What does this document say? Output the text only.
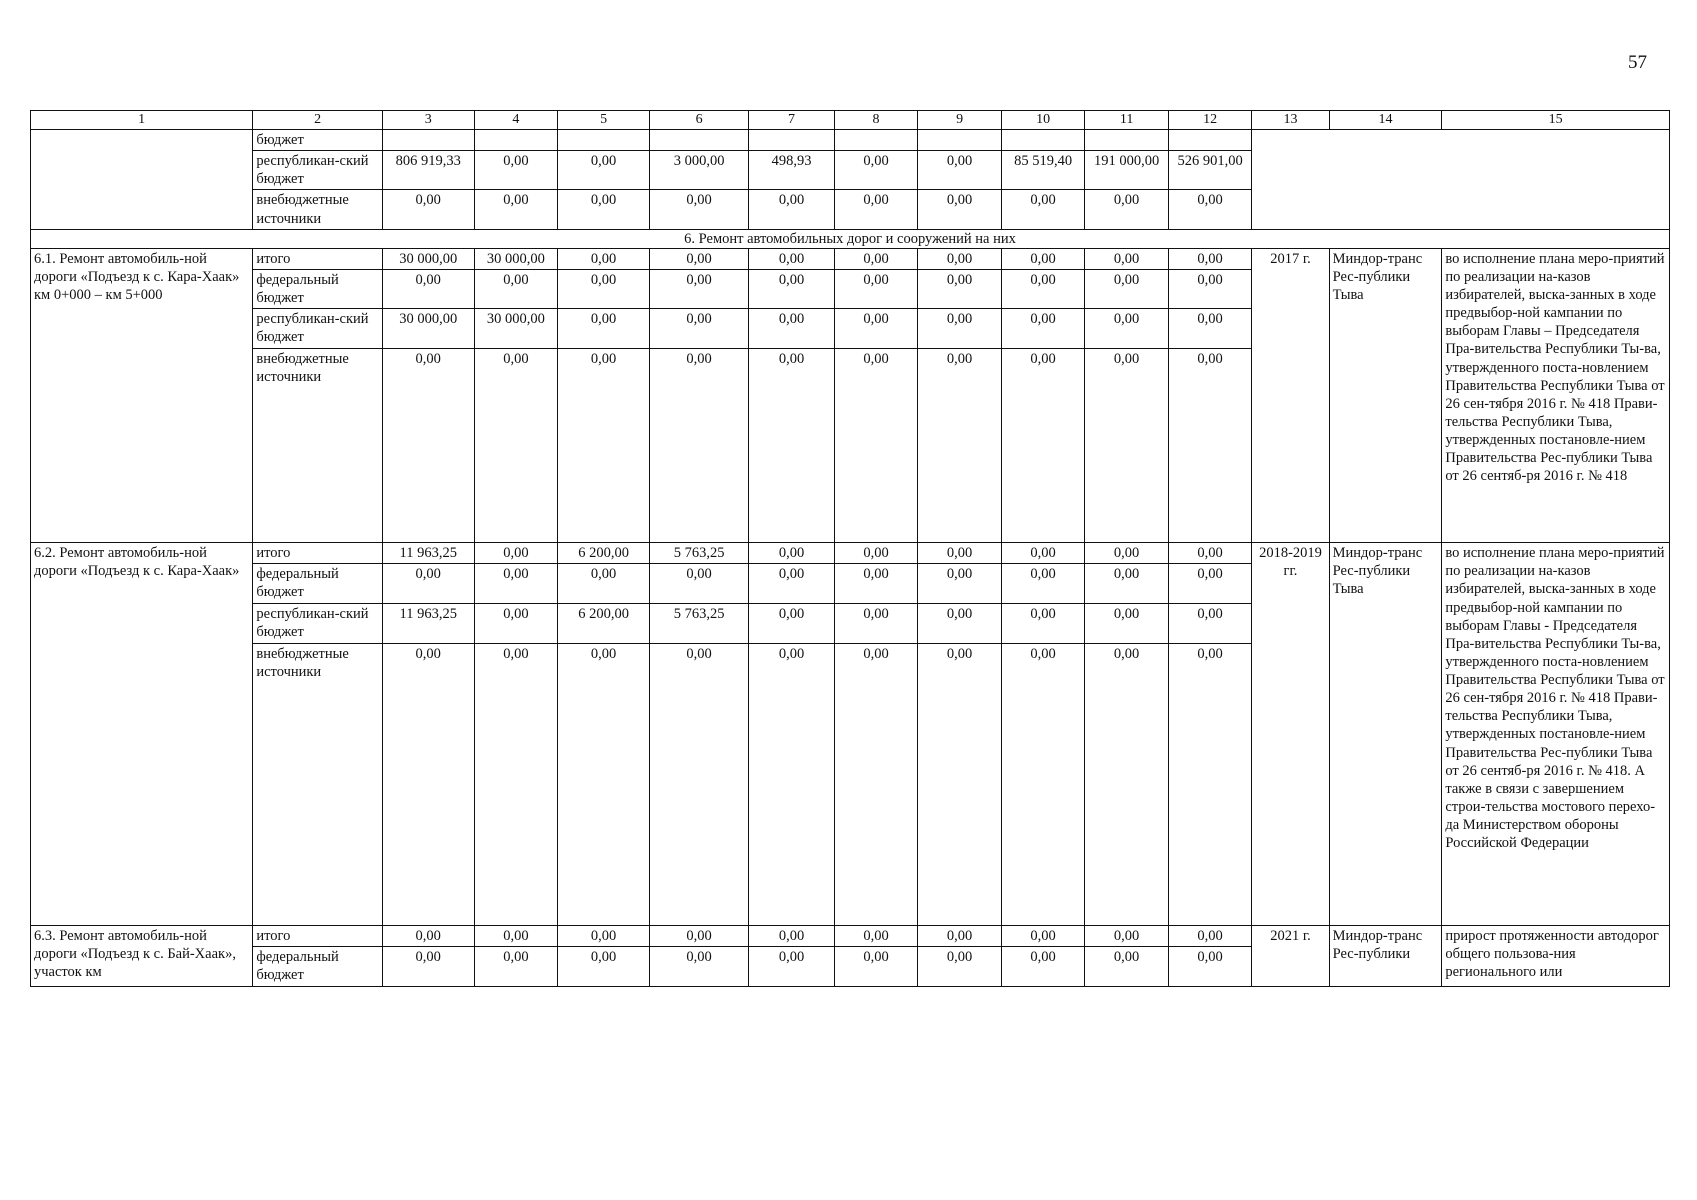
57
1	2	3	4	5	6	7	8	9	10	11	12	13	14	15
	бюджет													
	республикан-ский бюджет	806 919,33	0,00	0,00	3 000,00	498,93	0,00	0,00	85 519,40	191 000,00	526 901,00			
	внебюджетные источники	0,00	0,00	0,00	0,00	0,00	0,00	0,00	0,00	0,00	0,00			
6. Ремонт автомобильных дорог и сооружений на них														
6.1. Ремонт автомобиль-ной дороги «Подъезд к с. Кара-Хаак» км 0+000 – км 5+000	итого	30 000,00	30 000,00	0,00	0,00	0,00	0,00	0,00	0,00	0,00	0,00	2017 г.	Миндор-транс Рес-публики Тыва	во исполнение плана меро-приятий по реализации на-казов избирателей, выска-занных в ходе предвыбор-ной кампании по выборам Главы – Председателя Пра-вительства Республики Ты-ва, утвержденного поста-новлением Правительства Республики Тыва от 26 сен-тября 2016 г. № 418 Прави-тельства Республики Тыва, утвержденных постановле-нием Правительства Рес-публики Тыва от 26 сентяб-ря 2016 г. № 418
	федеральный бюджет	0,00	0,00	0,00	0,00	0,00	0,00	0,00	0,00	0,00	0,00			
	республикан-ский бюджет	30 000,00	30 000,00	0,00	0,00	0,00	0,00	0,00	0,00	0,00	0,00			
	внебюджетные источники	0,00	0,00	0,00	0,00	0,00	0,00	0,00	0,00	0,00	0,00			
6.2. Ремонт автомобиль-ной дороги «Подъезд к с. Кара-Хаак»	итого	11 963,25	0,00	6 200,00	5 763,25	0,00	0,00	0,00	0,00	0,00	0,00	2018-2019 гг.	Миндор-транс Рес-публики Тыва	во исполнение плана меро-приятий по реализации на-казов избирателей, выска-занных в ходе предвыбор-ной кампании по выборам Главы - Председателя Пра-вительства Республики Ты-ва, утвержденного поста-новлением Правительства Республики Тыва от 26 сен-тября 2016 г. № 418 Прави-тельства Республики Тыва, утвержденных постановле-нием Правительства Рес-публики Тыва от 26 сентяб-ря 2016 г. № 418. А также в связи с завершением строи-тельства мостового перехо-да Министерством обороны Российской Федерации
	федеральный бюджет	0,00	0,00	0,00	0,00	0,00	0,00	0,00	0,00	0,00	0,00			
	республикан-ский бюджет	11 963,25	0,00	6 200,00	5 763,25	0,00	0,00	0,00	0,00	0,00	0,00			
	внебюджетные источники	0,00	0,00	0,00	0,00	0,00	0,00	0,00	0,00	0,00	0,00			
6.3. Ремонт автомобиль-ной дороги «Подъезд к с. Бай-Хаак», участок км	итого	0,00	0,00	0,00	0,00	0,00	0,00	0,00	0,00	0,00	0,00	2021 г.	Миндор-транс Рес-публики	прирост протяженности автодорог общего пользова-ния регионального или
	федеральный бюджет	0,00	0,00	0,00	0,00	0,00	0,00	0,00	0,00	0,00	0,00			
